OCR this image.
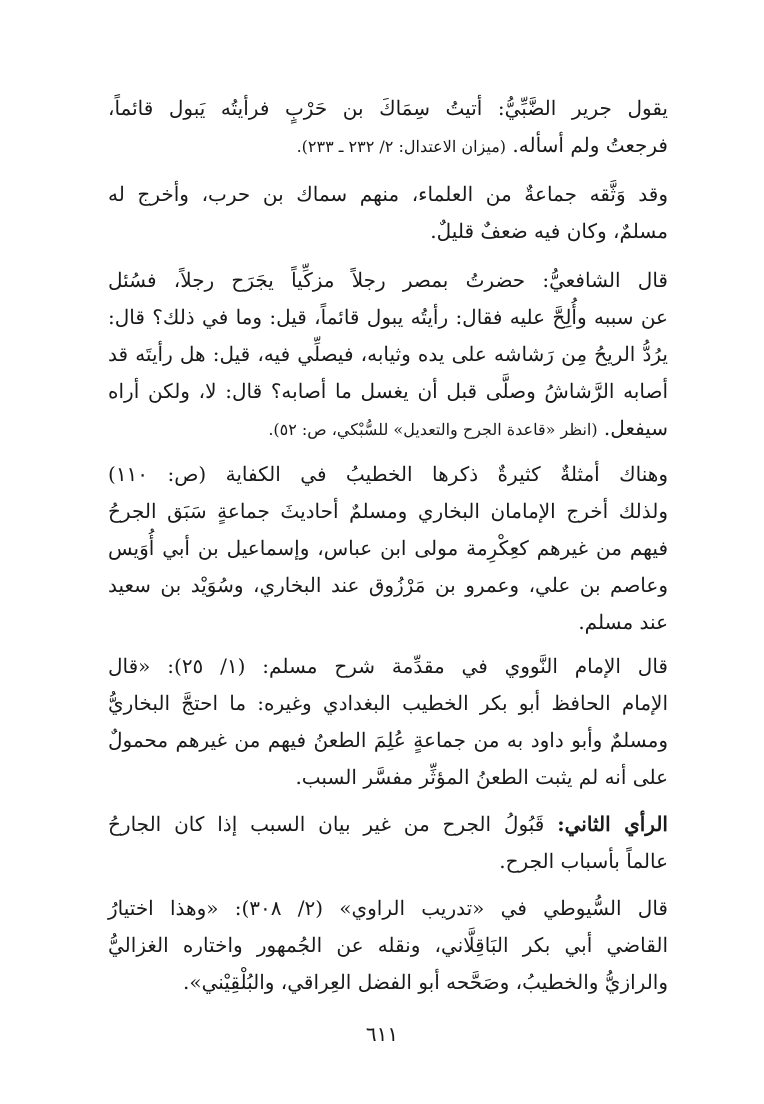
يقول جرير الضَّبِّيُّ: أتيتُ سِمَاكَ بن حَرْبٍ فرأيتُه يَبول قائماً،
فرجعتُ ولم أسأله. (ميزان الاعتدال: ٢/ ٢٣٢ ـ ٢٣٣).
وقد وَثَّقه جماعةٌ من العلماء، منهم سماك بن حرب، وأخرج له
مسلمٌ، وكان فيه ضعفٌ قليلٌ.
قال الشافعيُّ: حضرتُ بمصر رجلاً مزكِّياً يجَرَح رجلاً، فسُئل
عن سببه وأُلِحَّ عليه فقال: رأيتُه يبول قائماً، قيل: وما في ذلك؟ قال:
يرُدُّ الريحُ مِن رَشاشه على يده وثيابه، فيصلِّي فيه، قيل: هل رأيتَه قد
أصابه الرَّشاشُ وصلَّى قبل أن يغسل ما أصابه؟ قال: لا، ولكن أراه
سيفعل. (انظر «قاعدة الجرح والتعديل» للسُّبْكي، ص: ٥٢).
وهناك أمثلةٌ كثيرةٌ ذكرها الخطيبُ في الكفاية (ص: ١١٠)
ولذلك أخرج الإمامان البخاري ومسلمٌ أحاديثَ جماعةٍ سَبَق الجرحُ
فيهم من غيرهم كعِكْرِمة مولى ابن عباس، وإسماعيل بن أبي أُوَيس
وعاصم بن علي، وعمرو بن مَرْزُوق عند البخاري، وسُوَيْد بن سعيد
عند مسلم.
قال الإمام النَّووي في مقدِّمة شرح مسلم: (١/ ٢٥): «قال
الإمام الحافظ أبو بكر الخطيب البغدادي وغيره: ما احتجَّ البخاريُّ
ومسلمٌ وأبو داود به من جماعةٍ عُلِمَ الطعنُ فيهم من غيرهم محمولٌ
على أنه لم يثبت الطعنُ المؤثِّر مفسَّر السبب.
الرأي الثاني: قَبُولُ الجرح من غير بيان السبب إذا كان الجارحُ
عالماً بأسباب الجرح.
قال السُّيوطي في «تدريب الراوي» (٢/ ٣٠٨): «وهذا اختيارُ
القاضي أبي بكر البَاقِلَّاني، ونقله عن الجُمهور واختاره الغزاليُّ
والرازيُّ والخطيبُ، وصَحَّحه أبو الفضل العِراقي، والبُلْقِيْني».
٦١١
